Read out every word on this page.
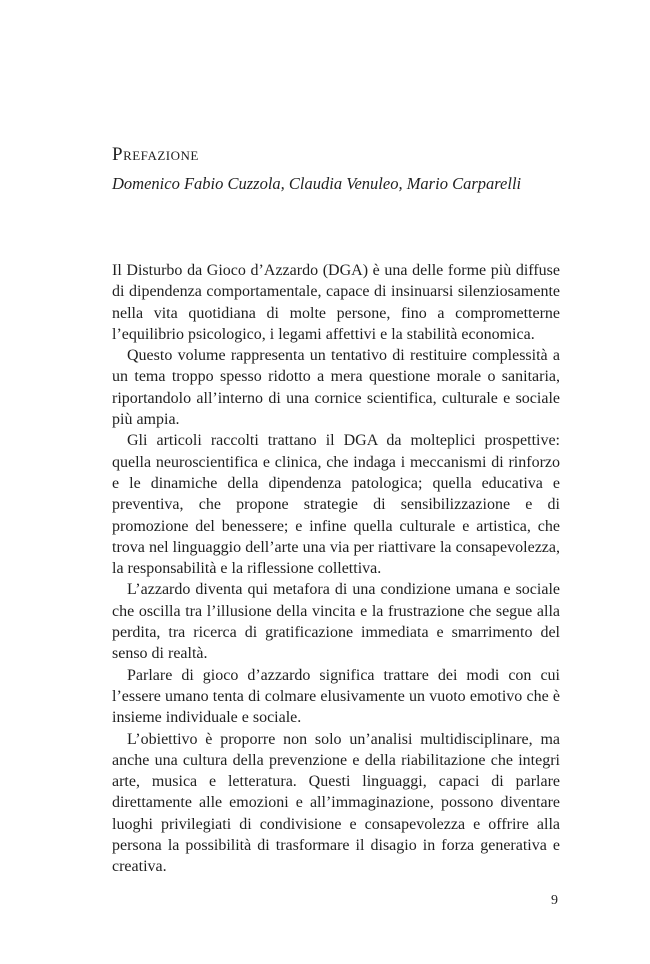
Prefazione

Domenico Fabio Cuzzola, Claudia Venuleo, Mario Carparelli

Il Disturbo da Gioco d’Azzardo (DGA) è una delle forme più diffuse di dipendenza comportamentale, capace di insinuarsi silenziosamente nella vita quotidiana di molte persone, fino a comprometterne l’equilibrio psicologico, i legami affettivi e la stabilità economica.

Questo volume rappresenta un tentativo di restituire complessità a un tema troppo spesso ridotto a mera questione morale o sanitaria, riportandolo all’interno di una cornice scientifica, culturale e sociale più ampia.

Gli articoli raccolti trattano il DGA da molteplici prospettive: quella neuroscientifica e clinica, che indaga i meccanismi di rinforzo e le dinamiche della dipendenza patologica; quella educativa e preventiva, che propone strategie di sensibilizzazione e di promozione del benessere; e infine quella culturale e artistica, che trova nel linguaggio dell’arte una via per riattivare la consapevolezza, la responsabilità e la riflessione collettiva.

L’azzardo diventa qui metafora di una condizione umana e sociale che oscilla tra l’illusione della vincita e la frustrazione che segue alla perdita, tra ricerca di gratificazione immediata e smarrimento del senso di realtà.

Parlare di gioco d’azzardo significa trattare dei modi con cui l’essere umano tenta di colmare elusivamente un vuoto emotivo che è insieme individuale e sociale.

L’obiettivo è proporre non solo un’analisi multidisciplinare, ma anche una cultura della prevenzione e della riabilitazione che integri arte, musica e letteratura. Questi linguaggi, capaci di parlare direttamente alle emozioni e all’immaginazione, possono diventare luoghi privilegiati di condivisione e consapevolezza e offrire alla persona la possibilità di trasformare il disagio in forza generativa e creativa.

9
